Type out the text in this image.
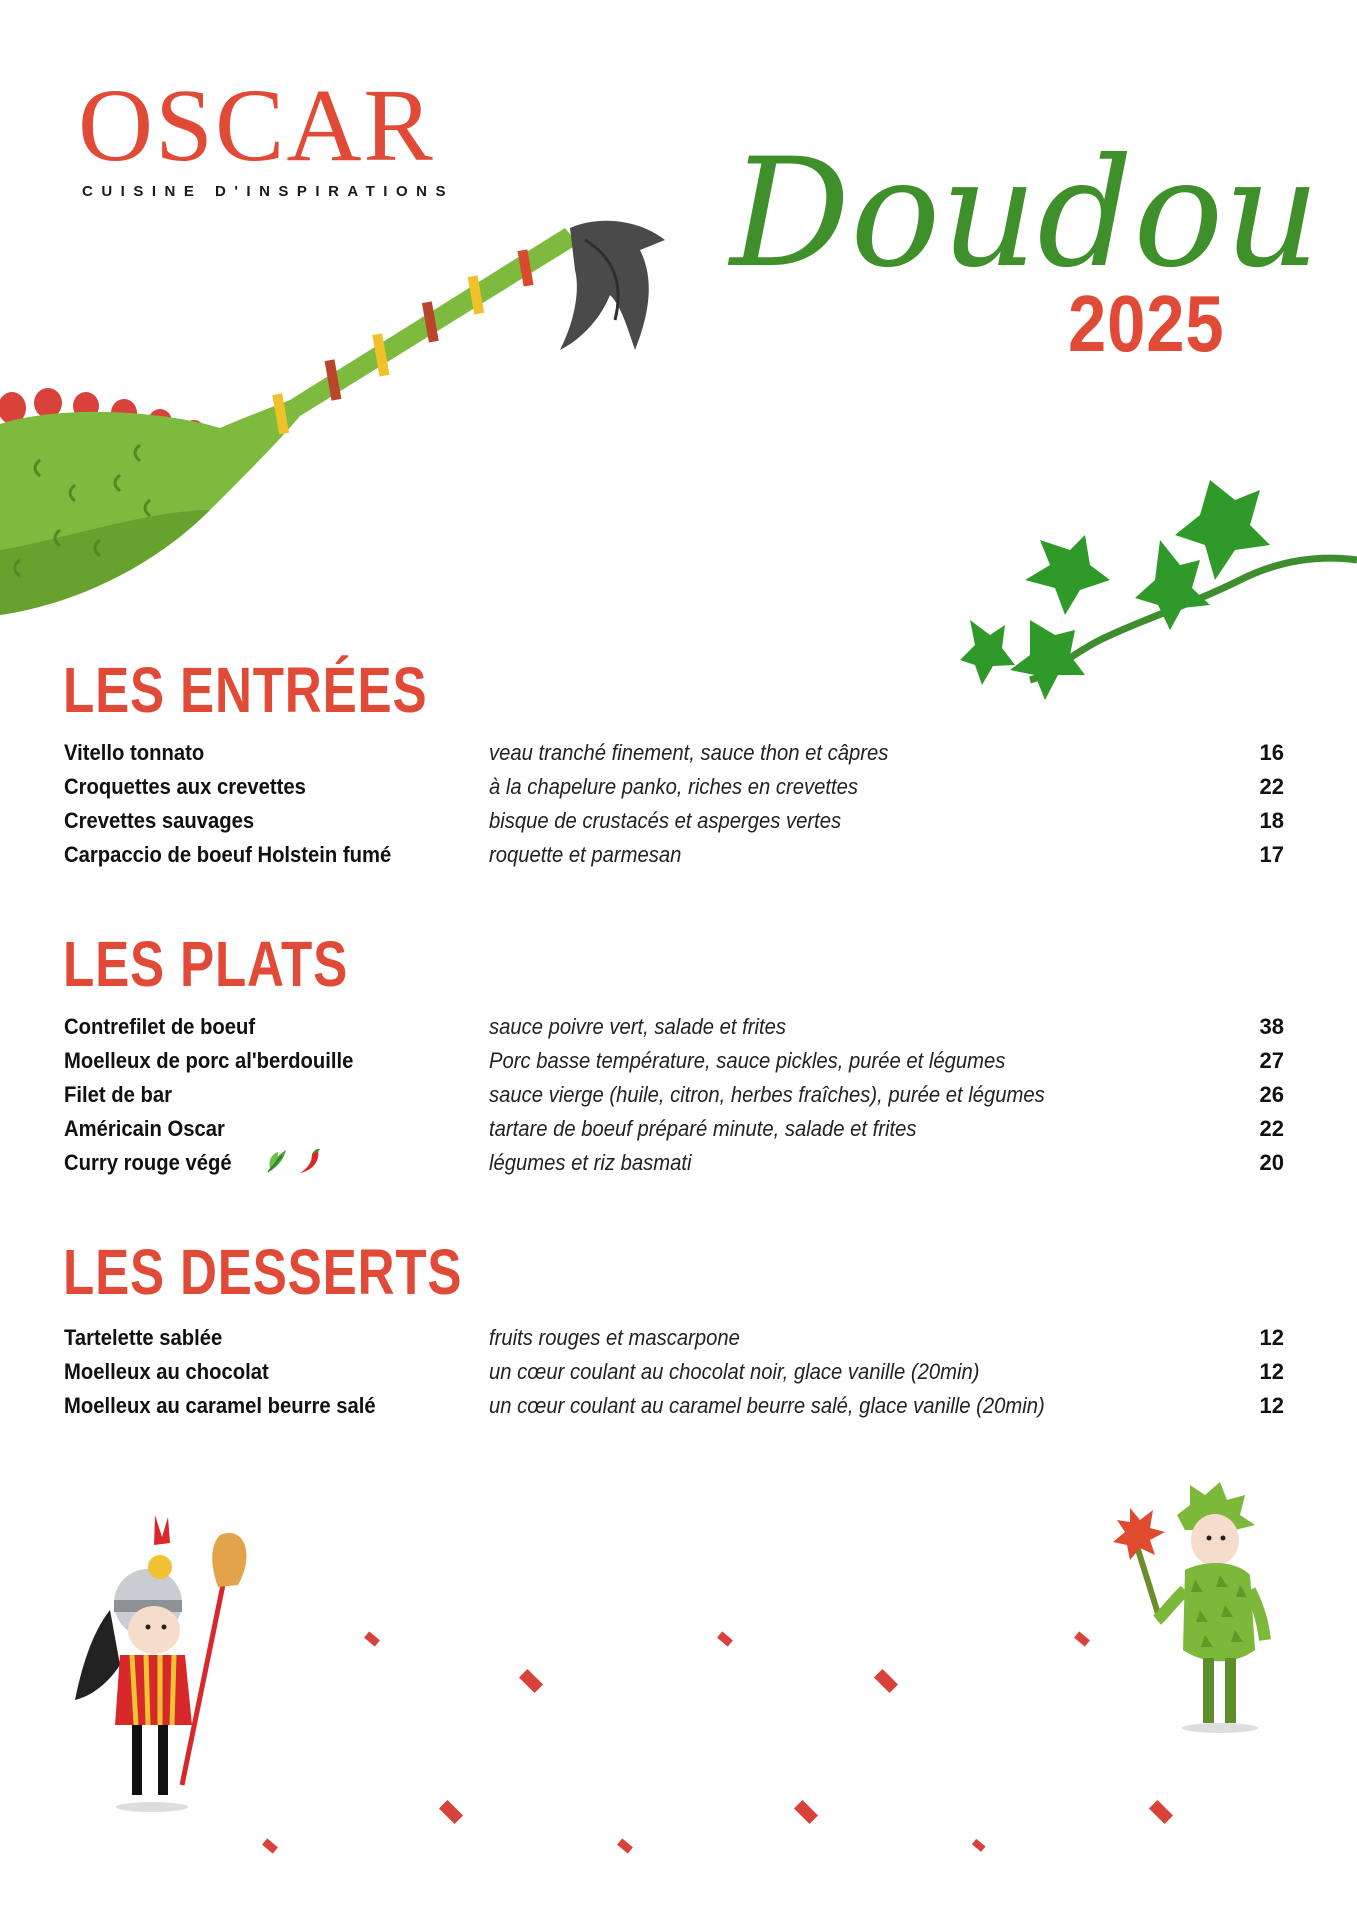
OSCAR
CUISINE D'INSPIRATIONS Doudou
2025
LES ENTRÉES
Vitello tonnato	veau tranché finement, sauce thon et câpres	16
Croquettes aux crevettes	à la chapelure panko, riches en crevettes	22
Crevettes sauvages	bisque de crustacés et asperges vertes	18
Carpaccio de boeuf Holstein fumé	roquette et parmesan	17
LES PLATS
Contrefilet de boeuf	sauce poivre vert, salade et frites	38
Moelleux de porc al'berdouille	Porc basse température, sauce pickles, purée et légumes	27
Filet de bar	sauce vierge (huile, citron, herbes fraîches), purée et légumes	26
Américain Oscar	tartare de boeuf préparé minute, salade et frites	22
Curry rouge végé	légumes et riz basmati	20
LES DESSERTS
Tartelette sablée	fruits rouges et mascarpone	12
Moelleux au chocolat	un cœur coulant au chocolat noir, glace vanille (20min)	12
Moelleux au caramel beurre salé	un cœur coulant au caramel beurre salé, glace vanille (20min)	12
